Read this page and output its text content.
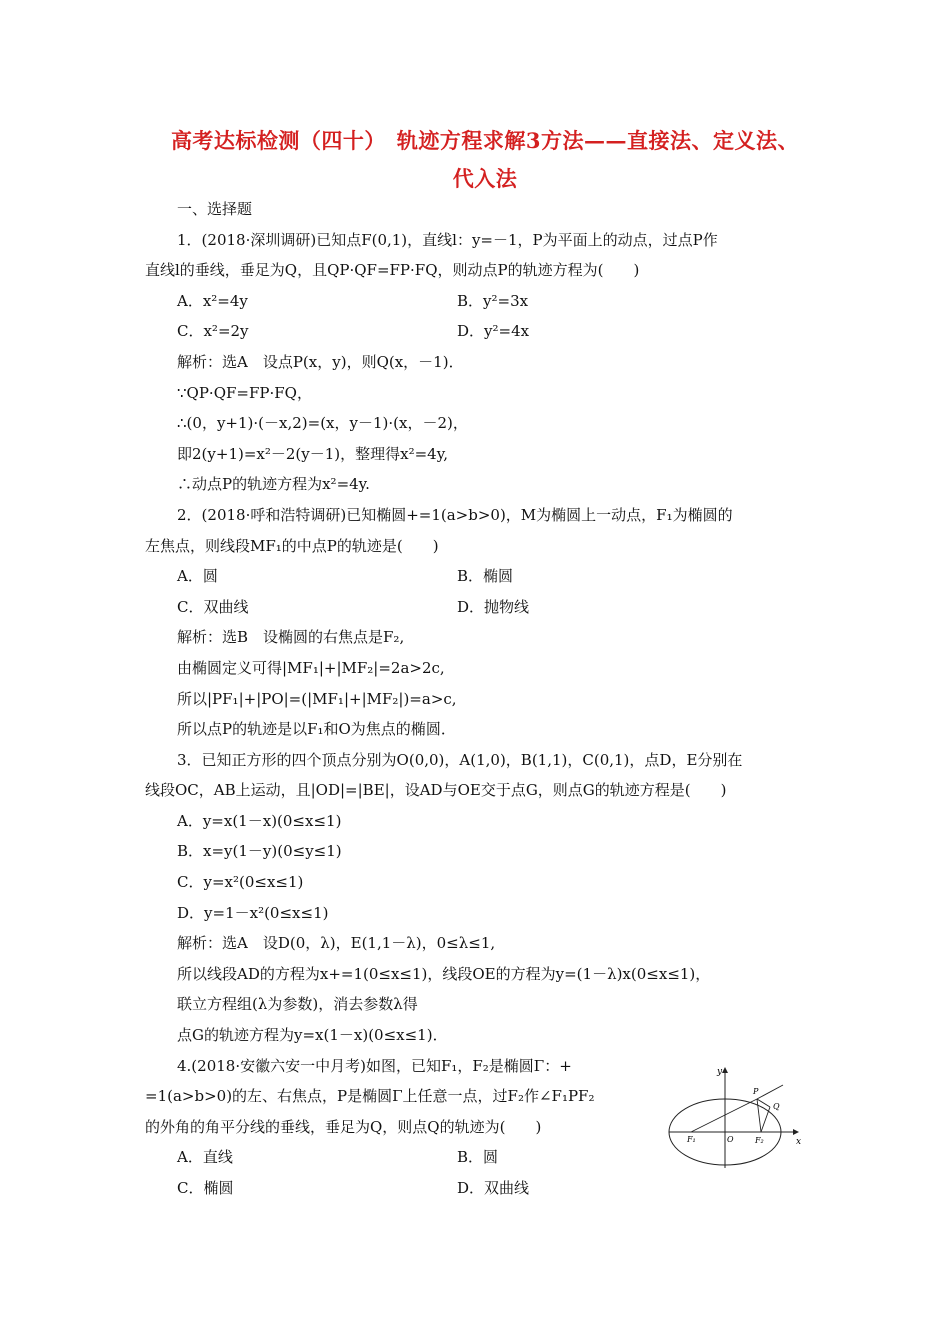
高考达标检测（四十）　轨迹方程求解3方法——直接法、定义法、
代入法
一、选择题
1．(2018·深圳调研)已知点F(0,1)，直线l：y=－1，P为平面上的动点，过点P作
直线l的垂线，垂足为Q，且QP·QF=FP·FQ，则动点P的轨迹方程为(　　)
A．x²=4y	B．y²=3x
C．x²=2y	D．y²=4x
解析：选A　设点P(x，y)，则Q(x，－1)．
∵QP·QF=FP·FQ，
∴(0，y+1)·(－x,2)=(x，y－1)·(x，－2)，
即2(y+1)=x²－2(y－1)，整理得x²=4y,
∴动点P的轨迹方程为x²=4y.
2．(2018·呼和浩特调研)已知椭圆+=1(a>b>0)，M为椭圆上一动点，F₁为椭圆的
左焦点，则线段MF₁的中点P的轨迹是(　　)
A．圆	B．椭圆
C．双曲线	D．抛物线
解析：选B　设椭圆的右焦点是F₂,
由椭圆定义可得|MF₁|+|MF₂|=2a>2c,
所以|PF₁|+|PO|=(|MF₁|+|MF₂|)=a>c,
所以点P的轨迹是以F₁和O为焦点的椭圆．
3．已知正方形的四个顶点分别为O(0,0)，A(1,0)，B(1,1)，C(0,1)，点D，E分别在
线段OC，AB上运动，且|OD|=|BE|，设AD与OE交于点G，则点G的轨迹方程是(　　)
A．y=x(1－x)(0≤x≤1)
B．x=y(1－y)(0≤y≤1)
C．y=x²(0≤x≤1)
D．y=1－x²(0≤x≤1)
解析：选A　设D(0，λ)，E(1,1－λ)，0≤λ≤1,
所以线段AD的方程为x+=1(0≤x≤1)，线段OE的方程为y=(1－λ)x(0≤x≤1)，
联立方程组(λ为参数)，消去参数λ得
点G的轨迹方程为y=x(1－x)(0≤x≤1)．
4.(2018·安徽六安一中月考)如图，已知F₁，F₂是椭圆Γ：+
=1(a>b>0)的左、右焦点，P是椭圆Γ上任意一点，过F₂作∠F₁PF₂
的外角的角平分线的垂线，垂足为Q，则点Q的轨迹为(　　)
A．直线	B．圆
C．椭圆	D．双曲线
y
x
F₁	O	F₂
P
Q
